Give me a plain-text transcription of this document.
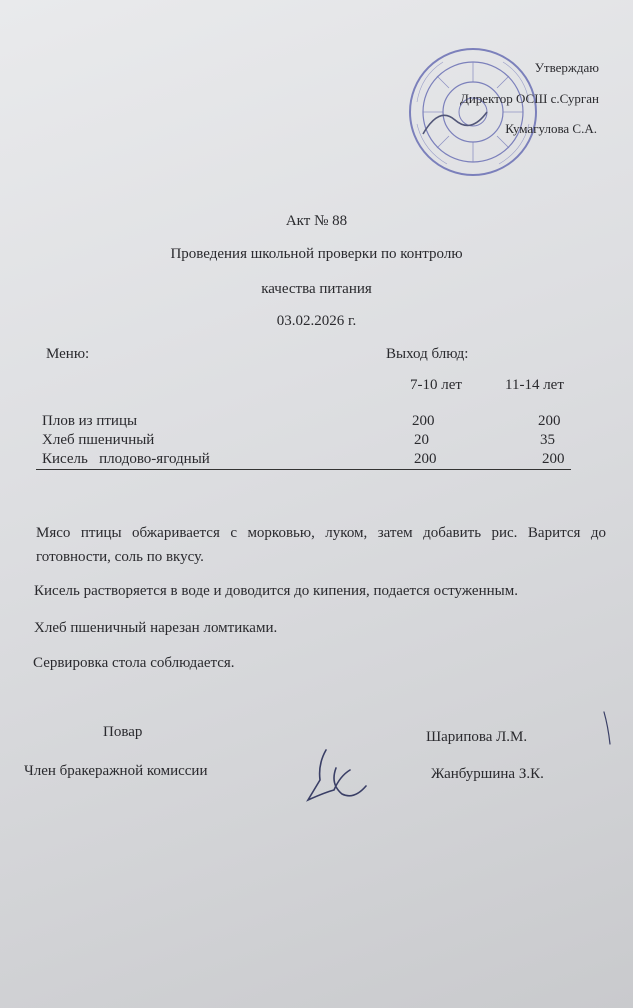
Утверждаю
Директор ОСШ с.Сурган
Кумагулова С.А.
Акт № 88
Проведения школьной проверки по контролю
качества питания
03.02.2026 г.
Меню:	Выход блюд:
7-10 лет	11-14 лет
Плов из птицы	200	200
Хлеб пшеничный	20	35
Кисель   плодово-ягодный	200	200
Мясо птицы обжаривается с морковью, луком, затем добавить рис. Варится до готовности, соль по вкусу.
Кисель растворяется в воде и доводится до кипения, подается остуженным.
Хлеб пшеничный нарезан ломтиками.
Сервировка стола соблюдается.
Повар	Шарипова Л.М.
Член бракеражной комиссии	Жанбуршина З.К.
